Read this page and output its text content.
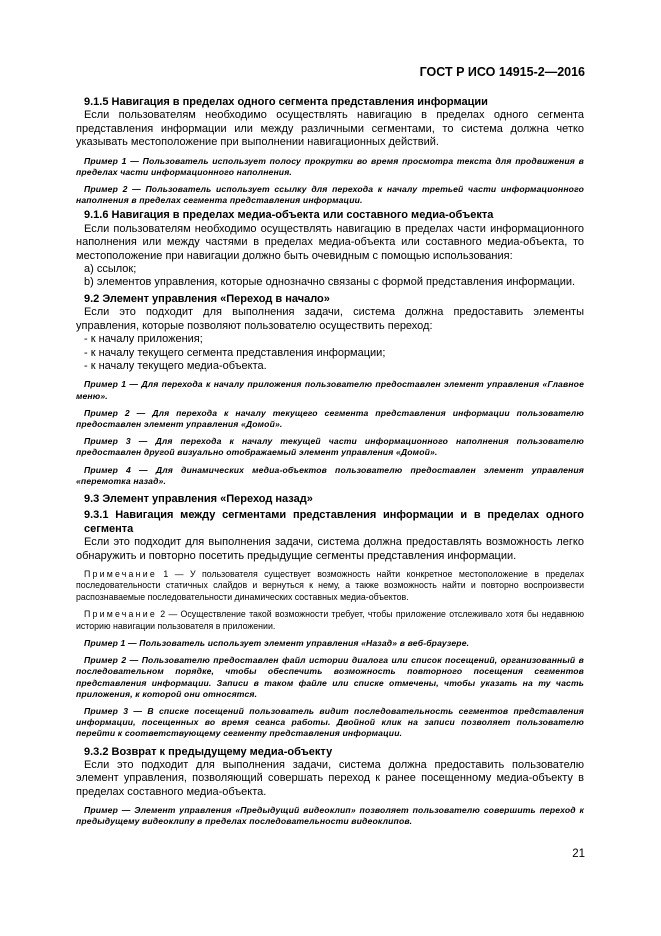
ГОСТ Р ИСО 14915-2—2016

9.1.5 Навигация в пределах одного сегмента представления информации

Если пользователям необходимо осуществлять навигацию в пределах одного сегмента представления информации или между различными сегментами, то система должна четко указывать местоположение при выполнении навигационных действий.

Пример 1 — Пользователь использует полосу прокрутки во время просмотра текста для продвижения в пределах части информационного наполнения.

Пример 2 — Пользователь использует ссылку для перехода к началу третьей части информационного наполнения в пределах сегмента представления информации.

9.1.6 Навигация в пределах медиа-объекта или составного медиа-объекта

Если пользователям необходимо осуществлять навигацию в пределах части информационного наполнения или между частями в пределах медиа-объекта или составного медиа-объекта, то местоположение при навигации должно быть очевидным с помощью использования:

a) ссылок;

b) элементов управления, которые однозначно связаны с формой представления информации.

9.2 Элемент управления «Переход в начало»

Если это подходит для выполнения задачи, система должна предоставить элементы управления, которые позволяют пользователю осуществить переход:

- к началу приложения;

- к началу текущего сегмента представления информации;

- к началу текущего медиа-объекта.

Пример 1 — Для перехода к началу приложения пользователю предоставлен элемент управления «Главное меню».

Пример 2 — Для перехода к началу текущего сегмента представления информации пользователю предоставлен элемент управления «Домой».

Пример 3 — Для перехода к началу текущей части информационного наполнения пользователю предоставлен другой визуально отображаемый элемент управления «Домой».

Пример 4 — Для динамических медиа-объектов пользователю предоставлен элемент управления «перемотка назад».

9.3 Элемент управления «Переход назад»

9.3.1 Навигация между сегментами представления информации и в пределах одного сегмента

Если это подходит для выполнения задачи, система должна предоставлять возможность легко обнаружить и повторно посетить предыдущие сегменты представления информации.

Примечание 1 — У пользователя существует возможность найти конкретное местоположение в пределах последовательности статичных слайдов и вернуться к нему, а также возможность найти и повторно воспроизвести распознаваемые последовательности динамических составных медиа-объектов.

Примечание 2 — Осуществление такой возможности требует, чтобы приложение отслеживало хотя бы недавнюю историю навигации пользователя в приложении.

Пример 1 — Пользователь использует элемент управления «Назад» в веб-браузере.

Пример 2 — Пользователю предоставлен файл истории диалога или список посещений, организованный в последовательном порядке, чтобы обеспечить возможность повторного посещения сегментов представления информации. Записи в таком файле или списке отмечены, чтобы указать на ту часть приложения, к которой они относятся.

Пример 3 — В списке посещений пользователь видит последовательность сегментов представления информации, посещенных во время сеанса работы. Двойной клик на записи позволяет пользователю перейти к соответствующему сегменту представления информации.

9.3.2 Возврат к предыдущему медиа-объекту

Если это подходит для выполнения задачи, система должна предоставить пользователю элемент управления, позволяющий совершать переход к ранее посещенному медиа-объекту в пределах составного медиа-объекта.

Пример — Элемент управления «Предыдущий видеоклип» позволяет пользователю совершить переход к предыдущему видеоклипу в пределах последовательности видеоклипов.

21
